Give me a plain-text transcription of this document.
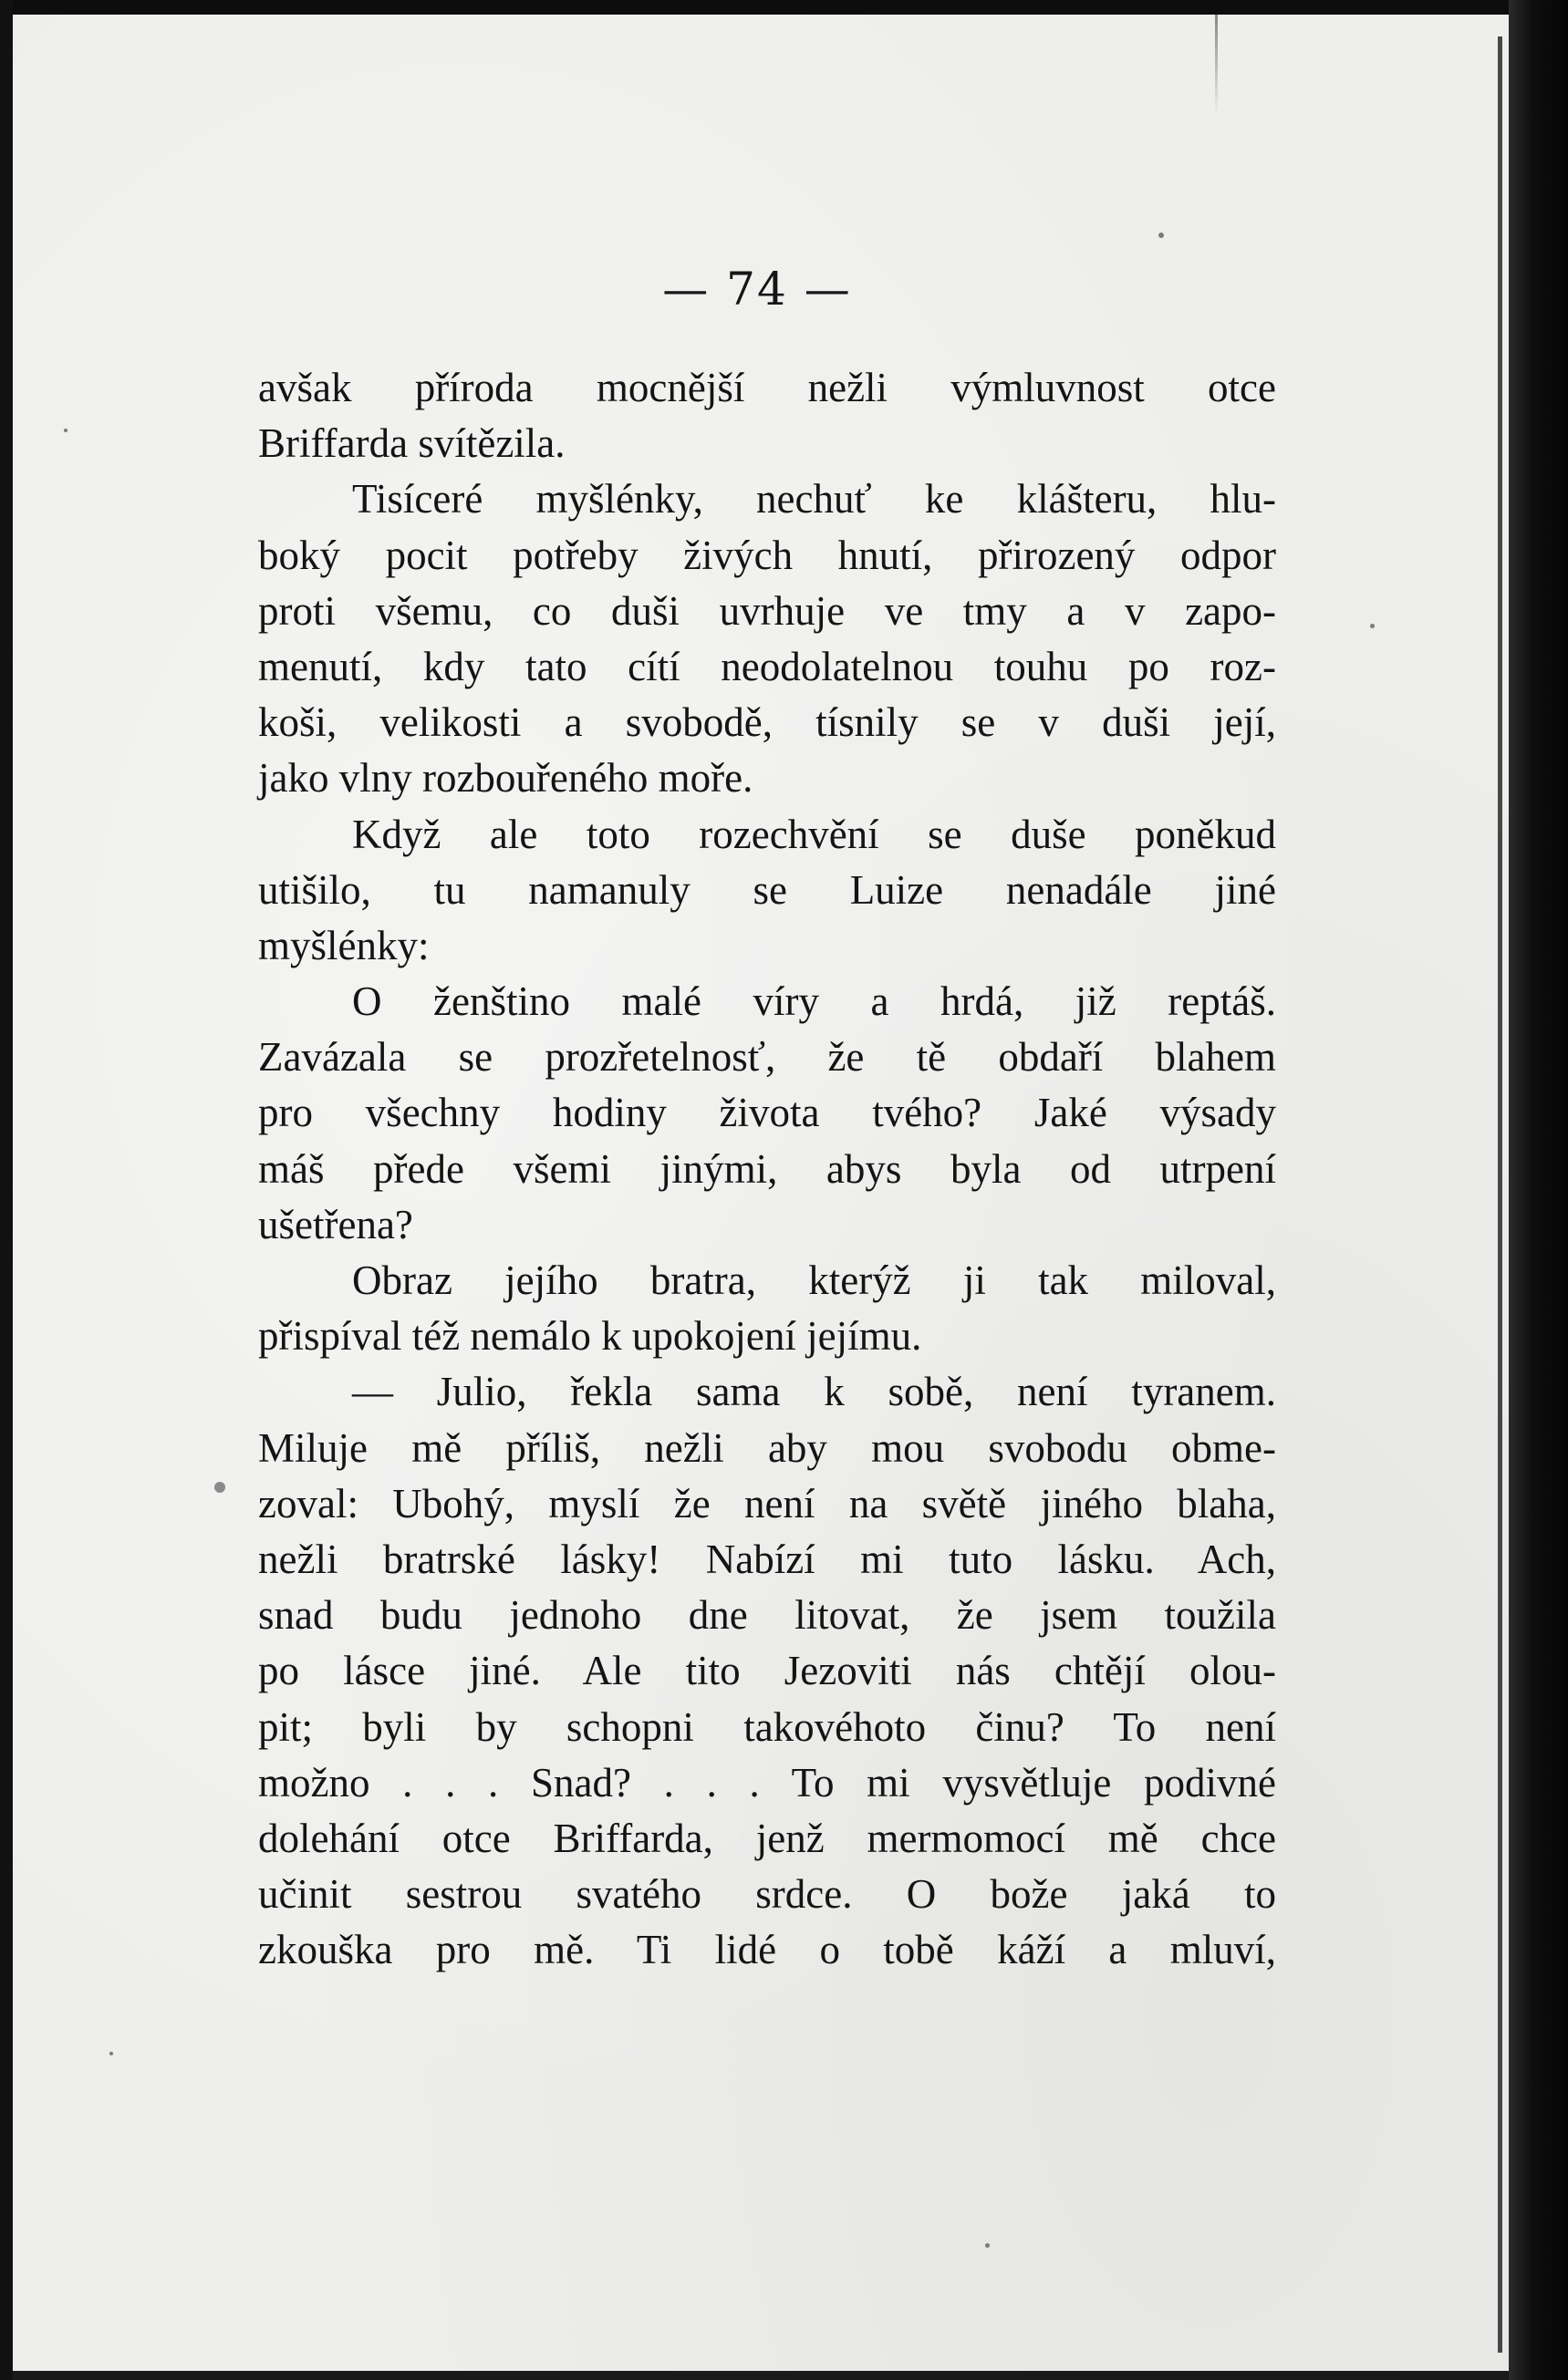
— 74 —
avšak příroda mocnější nežli výmluvnost otce
Briffarda svítězila.
Tisíceré myšlénky, nechuť ke klášteru, hlu-
boký pocit potřeby živých hnutí, přirozený odpor
proti všemu, co duši uvrhuje ve tmy a v zapo-
menutí, kdy tato cítí neodolatelnou touhu po roz-
koši, velikosti a svobodě, tísnily se v duši její,
jako vlny rozbouřeného moře.
Když ale toto rozechvění se duše poněkud
utišilo, tu namanuly se Luize nenadále jiné
myšlénky:
O ženštino malé víry a hrdá, již reptáš.
Zavázala se prozřetelnosť, že tě obdaří blahem
pro všechny hodiny života tvého? Jaké výsady
máš přede všemi jinými, abys byla od utrpení
ušetřena?
Obraz jejího bratra, kterýž ji tak miloval,
přispíval též nemálo k upokojení jejímu.
— Julio, řekla sama k sobě, není tyranem.
Miluje mě příliš, nežli aby mou svobodu obme-
zoval: Ubohý, myslí že není na světě jiného blaha,
nežli bratrské lásky! Nabízí mi tuto lásku. Ach,
snad budu jednoho dne litovat, že jsem toužila
po lásce jiné. Ale tito Jezoviti nás chtějí olou-
pit; byli by schopni takovéhoto činu? To není
možno . . . Snad? . . . To mi vysvětluje podivné
dolehání otce Briffarda, jenž mermomocí mě chce
učinit sestrou svatého srdce. O bože jaká to
zkouška pro mě. Ti lidé o tobě káží a mluví,
